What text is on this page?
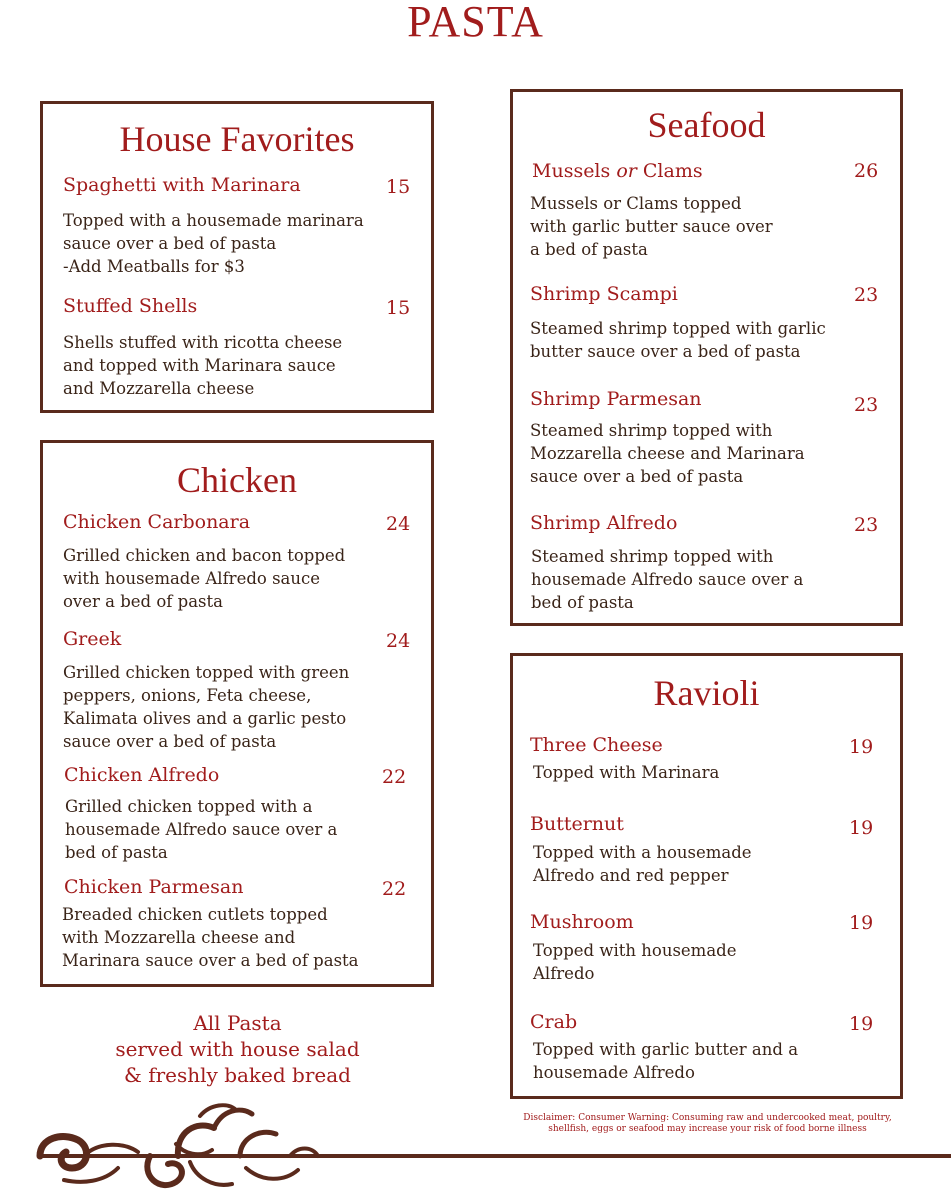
PASTA
House Favorites
Spaghetti with Marinara	15
Topped with a housemade marinara
sauce over a bed of pasta
-Add Meatballs for $3
Stuffed Shells	15
Shells stuffed with ricotta cheese
and topped with Marinara sauce
and Mozzarella cheese
Chicken
Chicken Carbonara	24
Grilled chicken and bacon topped
with housemade Alfredo sauce
over a bed of pasta
Greek	24
Grilled chicken topped with green
peppers, onions, Feta cheese,
Kalimata olives and a garlic pesto
sauce over a bed of pasta
Chicken Alfredo	22
Grilled chicken topped with a
housemade Alfredo sauce over a
bed of pasta
Chicken Parmesan	22
Breaded chicken cutlets topped
with Mozzarella cheese and
Marinara sauce over a bed of pasta
Seafood
Mussels or Clams	26
Mussels or Clams topped
with garlic butter sauce over
a bed of pasta
Shrimp Scampi	23
Steamed shrimp topped with garlic
butter sauce over a bed of pasta
Shrimp Parmesan	23
Steamed shrimp topped with
Mozzarella cheese and Marinara
sauce over a bed of pasta
Shrimp Alfredo	23
Steamed shrimp topped with
housemade Alfredo sauce over a
bed of pasta
Ravioli
Three Cheese	19
Topped with Marinara
Butternut	19
Topped with a housemade
Alfredo and red pepper
Mushroom	19
Topped with housemade
Alfredo
Crab	19
Topped with garlic butter and a
housemade Alfredo
All Pasta
served with house salad
& freshly baked bread
Disclaimer: Consumer Warning: Consuming raw and undercooked meat, poultry, shellfish, eggs or seafood may increase your risk of food borne illness
